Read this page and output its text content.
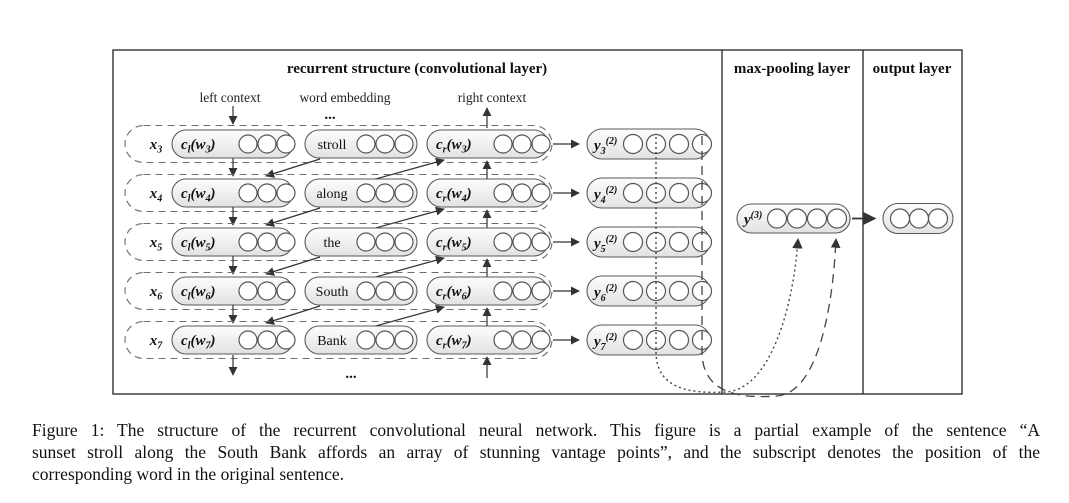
recurrent structure (convolutional layer)	max-pooling layer output layer
left context	word embedding	right context
...
$x_3$ $c_l(w_3)$	stroll	$c_r(w_3)$	$y_3^{(2)}$
$x_4$ $c_l(w_4)$	along	$c_r(w_4)$	$y_4^{(2)}$
$x_5$ $c_l(w_5)$	the	$c_r(w_5)$	$y_5^{(2)}$
$x_6$ $c_l(w_6)$	South	$c_r(w_6)$	$y_6^{(2)}$
$x_7$ $c_l(w_7)$	Bank	$c_r(w_7)$	$y_7^{(2)}$
...
$y^{(3)}$
Figure 1: The structure of the recurrent convolutional neural network. This figure is a partial example of the sentence “A
sunset stroll along the South Bank affords an array of stunning vantage points”, and the subscript denotes the position of the
corresponding word in the original sentence.
